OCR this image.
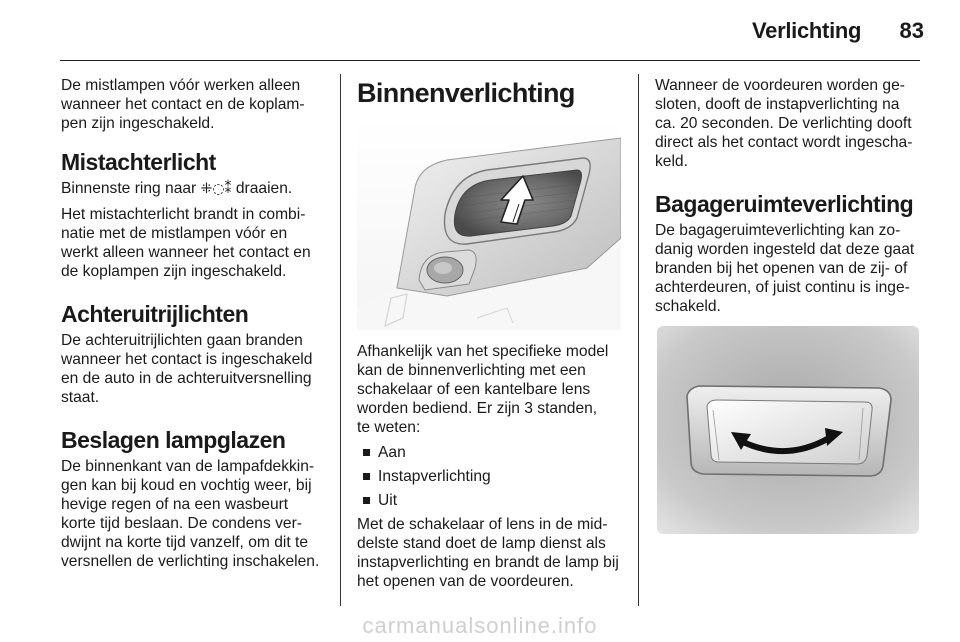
Verlichting	83

De mistlampen vóór werken alleen
wanneer het contact en de koplam-
pen zijn ingeschakeld.

Mistachterlicht

Binnenste ring naar ⁜◌⁑ draaien.

Het mistachterlicht brandt in combi-
natie met de mistlampen vóór en
werkt alleen wanneer het contact en
de koplampen zijn ingeschakeld.

Achteruitrijlichten

De achteruitrijlichten gaan branden
wanneer het contact is ingeschakeld
en de auto in de achteruitversnelling
staat.

Beslagen lampglazen

De binnenkant van de lampafdekkin-
gen kan bij koud en vochtig weer, bij
hevige regen of na een wasbeurt
korte tijd beslaan. De condens ver-
dwijnt na korte tijd vanzelf, om dit te
versnellen de verlichting inschakelen.

Binnenverlichting

Afhankelijk van het specifieke model
kan de binnenverlichting met een
schakelaar of een kantelbare lens
worden bediend. Er zijn 3 standen,
te weten:

Aan
Instapverlichting
Uit

Met de schakelaar of lens in de mid-
delste stand doet de lamp dienst als
instapverlichting en brandt de lamp bij
het openen van de voordeuren.

Wanneer de voordeuren worden ge-
sloten, dooft de instapverlichting na
ca. 20 seconden. De verlichting dooft
direct als het contact wordt ingescha-
keld.

Bagageruimteverlichting

De bagageruimteverlichting kan zo-
danig worden ingesteld dat deze gaat
branden bij het openen van de zij- of
achterdeuren, of juist continu is inge-
schakeld.

carmanualsonline.info
